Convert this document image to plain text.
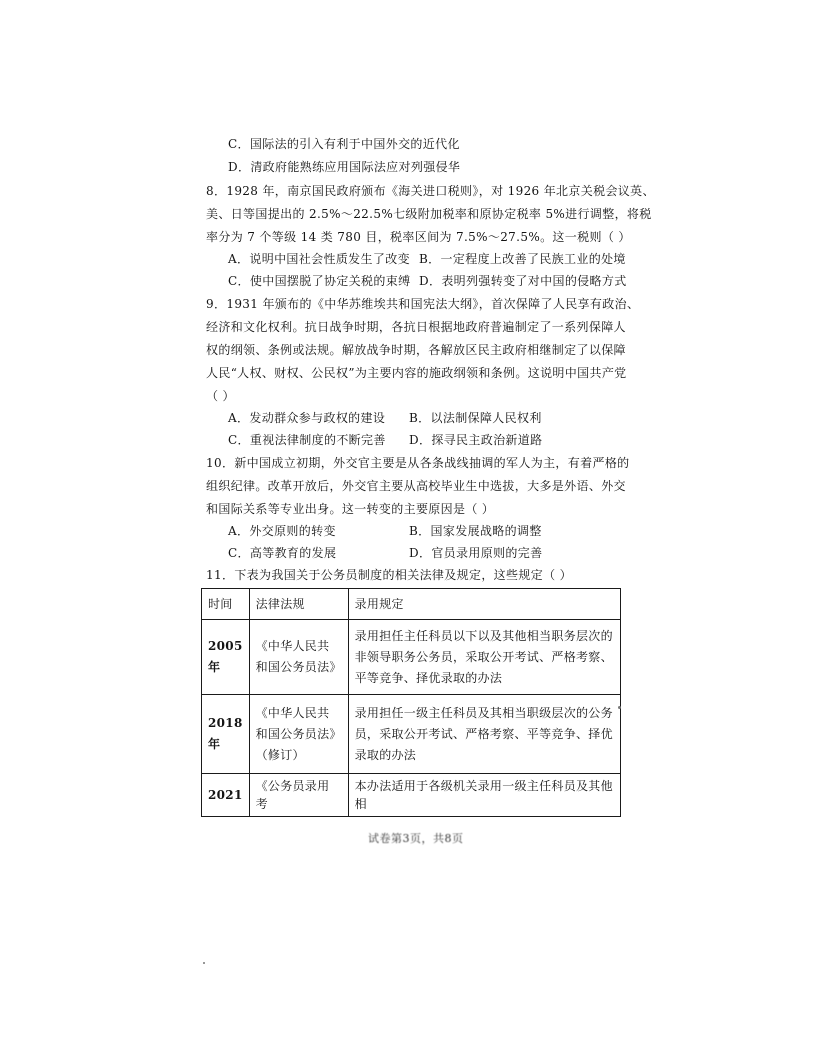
C．国际法的引入有利于中国外交的近代化
D．清政府能熟练应用国际法应对列强侵华
8．1928 年，南京国民政府颁布《海关进口税则》，对 1926 年北京关税会议英、
美、日等国提出的 2.5%～22.5%七级附加税率和原协定税率 5%进行调整，将税
率分为 7 个等级 14 类 780 目，税率区间为 7.5%～27.5%。这一税则（ ）
A．说明中国社会性质发生了改变 B．一定程度上改善了民族工业的处境
C．使中国摆脱了协定关税的束缚 D．表明列强转变了对中国的侵略方式
9．1931 年颁布的《中华苏维埃共和国宪法大纲》，首次保障了人民享有政治、
经济和文化权利。抗日战争时期，各抗日根据地政府普遍制定了一系列保障人
权的纲领、条例或法规。解放战争时期，各解放区民主政府相继制定了以保障
人民“人权、财权、公民权”为主要内容的施政纲领和条例。这说明中国共产党
（ ）
A．发动群众参与政权的建设 B．以法制保障人民权利
C．重视法律制度的不断完善 D．探寻民主政治新道路
10．新中国成立初期，外交官主要是从各条战线抽调的军人为主，有着严格的
组织纪律。改革开放后，外交官主要从高校毕业生中选拔，大多是外语、外交
和国际关系等专业出身。这一转变的主要原因是（ ）
A．外交原则的转变	B．国家发展战略的调整
C．高等教育的发展	D．官员录用原则的完善
11．下表为我国关于公务员制度的相关法律及规定，这些规定（ ）
时间	法律法规	录用规定
2005年	《中华人民共和国公务员法》	录用担任主任科员以下以及其他相当职务层次的非领导职务公务员，采取公开考试、严格考察、平等竞争、择优录取的办法
2018年	《中华人民共和国公务员法》（修订）	录用担任一级主任科员及其相当职级层次的公务员，采取公开考试、严格考察、平等竞争、择优录取的办法
2021	《公务员录用考	本办法适用于各级机关录用一级主任科员及其他相
试卷第3页，共8页
